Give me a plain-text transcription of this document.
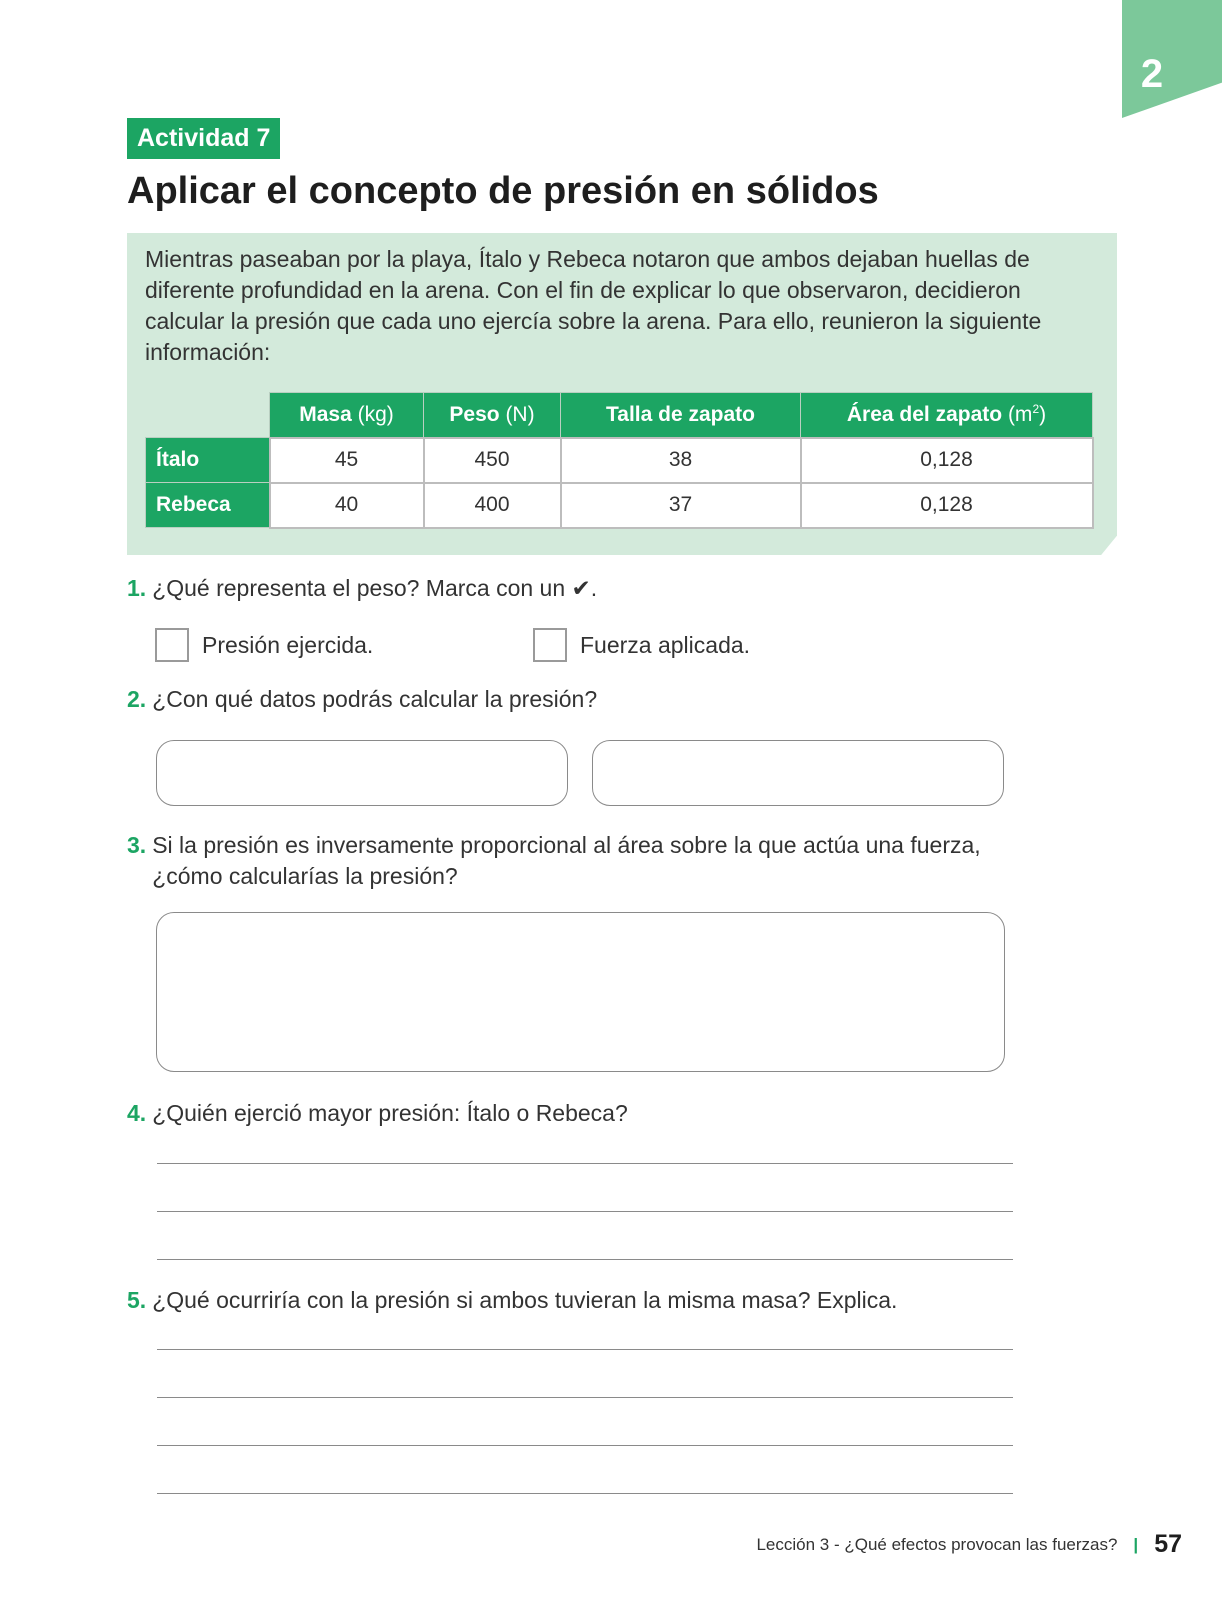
2
Actividad 7
Aplicar el concepto de presión en sólidos

Mientras paseaban por la playa, Ítalo y Rebeca notaron que ambos dejaban huellas de diferente profundidad en la arena. Con el fin de explicar lo que observaron, decidieron calcular la presión que cada uno ejercía sobre la arena. Para ello, reunieron la siguiente información:

	Masa (kg)	Peso (N)	Talla de zapato	Área del zapato $(m^2)$
Ítalo	45	450	38	0,128
Rebeca	40	400	37	0,128
1. ¿Qué representa el peso? Marca con un ✔.
Presión ejercida.	Fuerza aplicada.
2. ¿Con qué datos podrás calcular la presión?
3. Si la presión es inversamente proporcional al área sobre la que actúa una fuerza, ¿cómo calcularías la presión?
4. ¿Quién ejerció mayor presión: Ítalo o Rebeca?
5. ¿Qué ocurriría con la presión si ambos tuvieran la misma masa? Explica.
Lección 3 - ¿Qué efectos provocan las fuerzas? | 57
